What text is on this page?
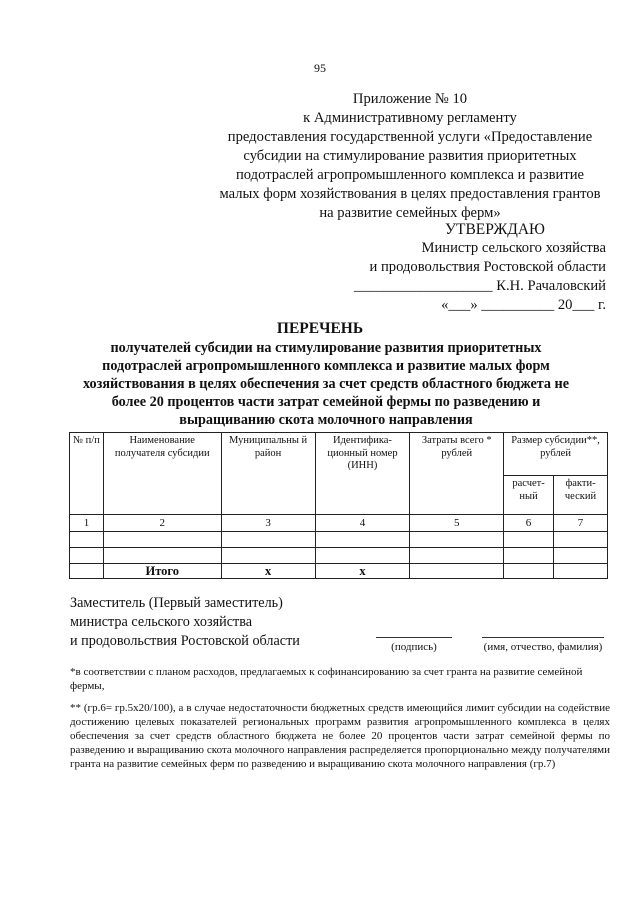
95
Приложение № 10
к Административному регламенту
предоставления государственной услуги «Предоставление
субсидии на стимулирование развития приоритетных
подотраслей агропромышленного комплекса и развитие
малых форм хозяйствования в целях предоставления грантов
на развитие семейных ферм»
УТВЕРЖДАЮ
Министр сельского хозяйства
и продовольствия Ростовской области
___________________ К.Н. Рачаловский
«___» __________ 20___ г.
ПЕРЕЧЕНЬ
получателей субсидии на стимулирование развития приоритетных
подотраслей агропромышленного комплекса и развитие малых форм
хозяйствования в целях обеспечения за счет средств областного бюджета не
более 20 процентов части затрат семейной фермы по разведению и
выращиванию скота молочного направления
№ п/п	Наименование получателя субсидии	Муниципальны й район	Идентифика-ционный номер (ИНН)	Затраты всего * рублей	Размер субсидии**, рублей	
					расчет-ный	факти-ческий
1	2	3	4	5	6	7

	Итого	х	х			
Заместитель (Первый заместитель)
министра сельского хозяйства
и продовольствия Ростовской области	(подпись)	(имя, отчество, фамилия)
*в соответствии с планом расходов, предлагаемых к софинансированию за счет гранта на развитие семейной фермы,
** (гр.6= гр.5х20/100), а в случае недостаточности бюджетных средств имеющийся лимит субсидии на содействие достижению целевых показателей региональных программ развития агропромышленного комплекса в целях обеспечения за счет средств областного бюджета не более 20 процентов части затрат семейной фермы по разведению и выращиванию скота молочного направления распределяется пропорционально между получателями гранта на развитие семейных ферм по разведению и выращиванию скота молочного направления (гр.7)
